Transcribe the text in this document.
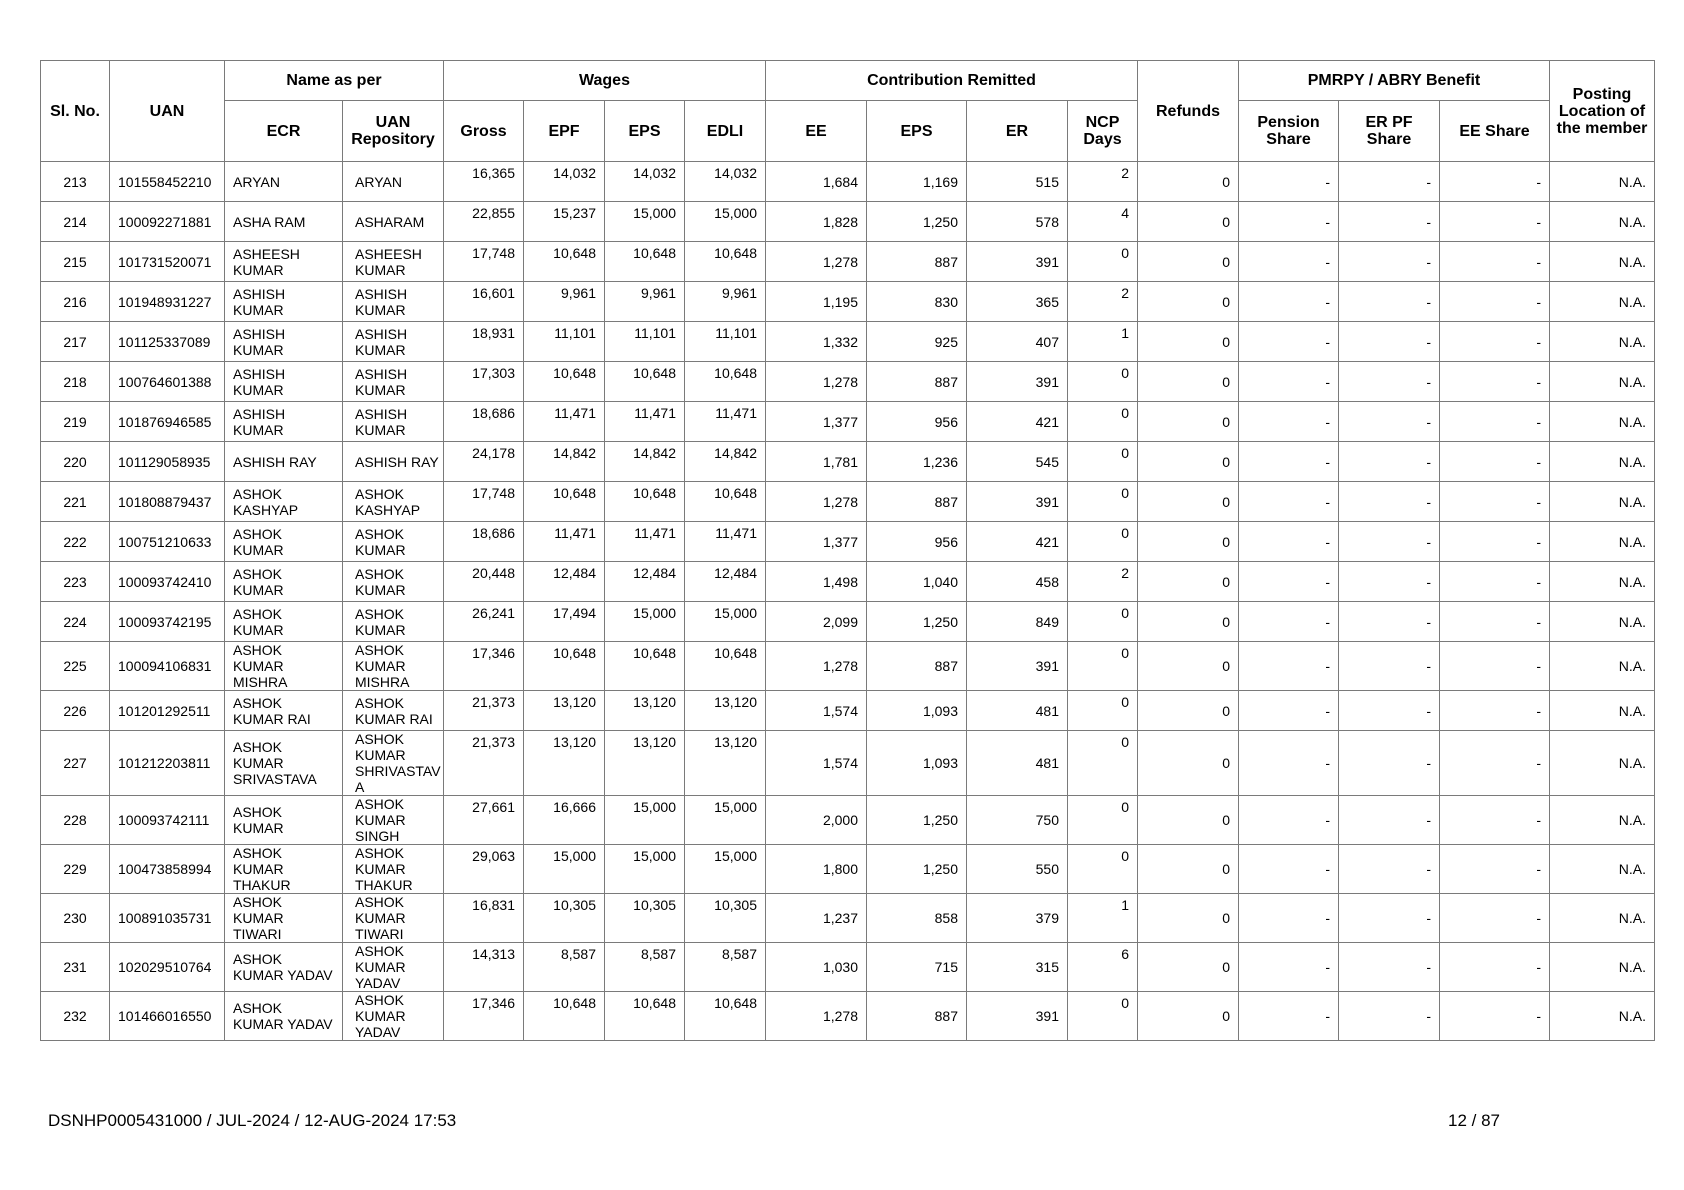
Sl. No.	UAN	Name as per		Wages				Contribution Remitted				Refunds	PMRPY / ABRY Benefit			Posting Location of the member
		ECR	UAN Repository	Gross	EPF	EPS	EDLI	EE	EPS	ER	NCP Days		Pension Share	ER PF Share	EE Share	
213	101558452210	ARYAN	ARYAN	16,365	14,032	14,032	14,032	1,684	1,169	515	2	0	-	-	-	N.A.
214	100092271881	ASHA RAM	ASHARAM	22,855	15,237	15,000	15,000	1,828	1,250	578	4	0	-	-	-	N.A.
215	101731520071	ASHEESH KUMAR	ASHEESH KUMAR	17,748	10,648	10,648	10,648	1,278	887	391	0	0	-	-	-	N.A.
216	101948931227	ASHISH KUMAR	ASHISH KUMAR	16,601	9,961	9,961	9,961	1,195	830	365	2	0	-	-	-	N.A.
217	101125337089	ASHISH KUMAR	ASHISH KUMAR	18,931	11,101	11,101	11,101	1,332	925	407	1	0	-	-	-	N.A.
218	100764601388	ASHISH KUMAR	ASHISH KUMAR	17,303	10,648	10,648	10,648	1,278	887	391	0	0	-	-	-	N.A.
219	101876946585	ASHISH KUMAR	ASHISH KUMAR	18,686	11,471	11,471	11,471	1,377	956	421	0	0	-	-	-	N.A.
220	101129058935	ASHISH RAY	ASHISH RAY	24,178	14,842	14,842	14,842	1,781	1,236	545	0	0	-	-	-	N.A.
221	101808879437	ASHOK KASHYAP	ASHOK KASHYAP	17,748	10,648	10,648	10,648	1,278	887	391	0	0	-	-	-	N.A.
222	100751210633	ASHOK KUMAR	ASHOK KUMAR	18,686	11,471	11,471	11,471	1,377	956	421	0	0	-	-	-	N.A.
223	100093742410	ASHOK KUMAR	ASHOK KUMAR	20,448	12,484	12,484	12,484	1,498	1,040	458	2	0	-	-	-	N.A.
224	100093742195	ASHOK KUMAR	ASHOK KUMAR	26,241	17,494	15,000	15,000	2,099	1,250	849	0	0	-	-	-	N.A.
225	100094106831	ASHOK KUMAR MISHRA	ASHOK KUMAR MISHRA	17,346	10,648	10,648	10,648	1,278	887	391	0	0	-	-	-	N.A.
226	101201292511	ASHOK KUMAR RAI	ASHOK KUMAR RAI	21,373	13,120	13,120	13,120	1,574	1,093	481	0	0	-	-	-	N.A.
227	101212203811	ASHOK KUMAR SRIVASTAVA	ASHOK KUMAR SHRIVASTAV A	21,373	13,120	13,120	13,120	1,574	1,093	481	0	0	-	-	-	N.A.
228	100093742111	ASHOK KUMAR	ASHOK KUMAR SINGH	27,661	16,666	15,000	15,000	2,000	1,250	750	0	0	-	-	-	N.A.
229	100473858994	ASHOK KUMAR THAKUR	ASHOK KUMAR THAKUR	29,063	15,000	15,000	15,000	1,800	1,250	550	0	0	-	-	-	N.A.
230	100891035731	ASHOK KUMAR TIWARI	ASHOK KUMAR TIWARI	16,831	10,305	10,305	10,305	1,237	858	379	1	0	-	-	-	N.A.
231	102029510764	ASHOK KUMAR YADAV	ASHOK KUMAR YADAV	14,313	8,587	8,587	8,587	1,030	715	315	6	0	-	-	-	N.A.
232	101466016550	ASHOK KUMAR YADAV	ASHOK KUMAR YADAV	17,346	10,648	10,648	10,648	1,278	887	391	0	0	-	-	-	N.A.
DSNHP0005431000 / JUL-2024 / 12-AUG-2024 17:53	12 / 87
